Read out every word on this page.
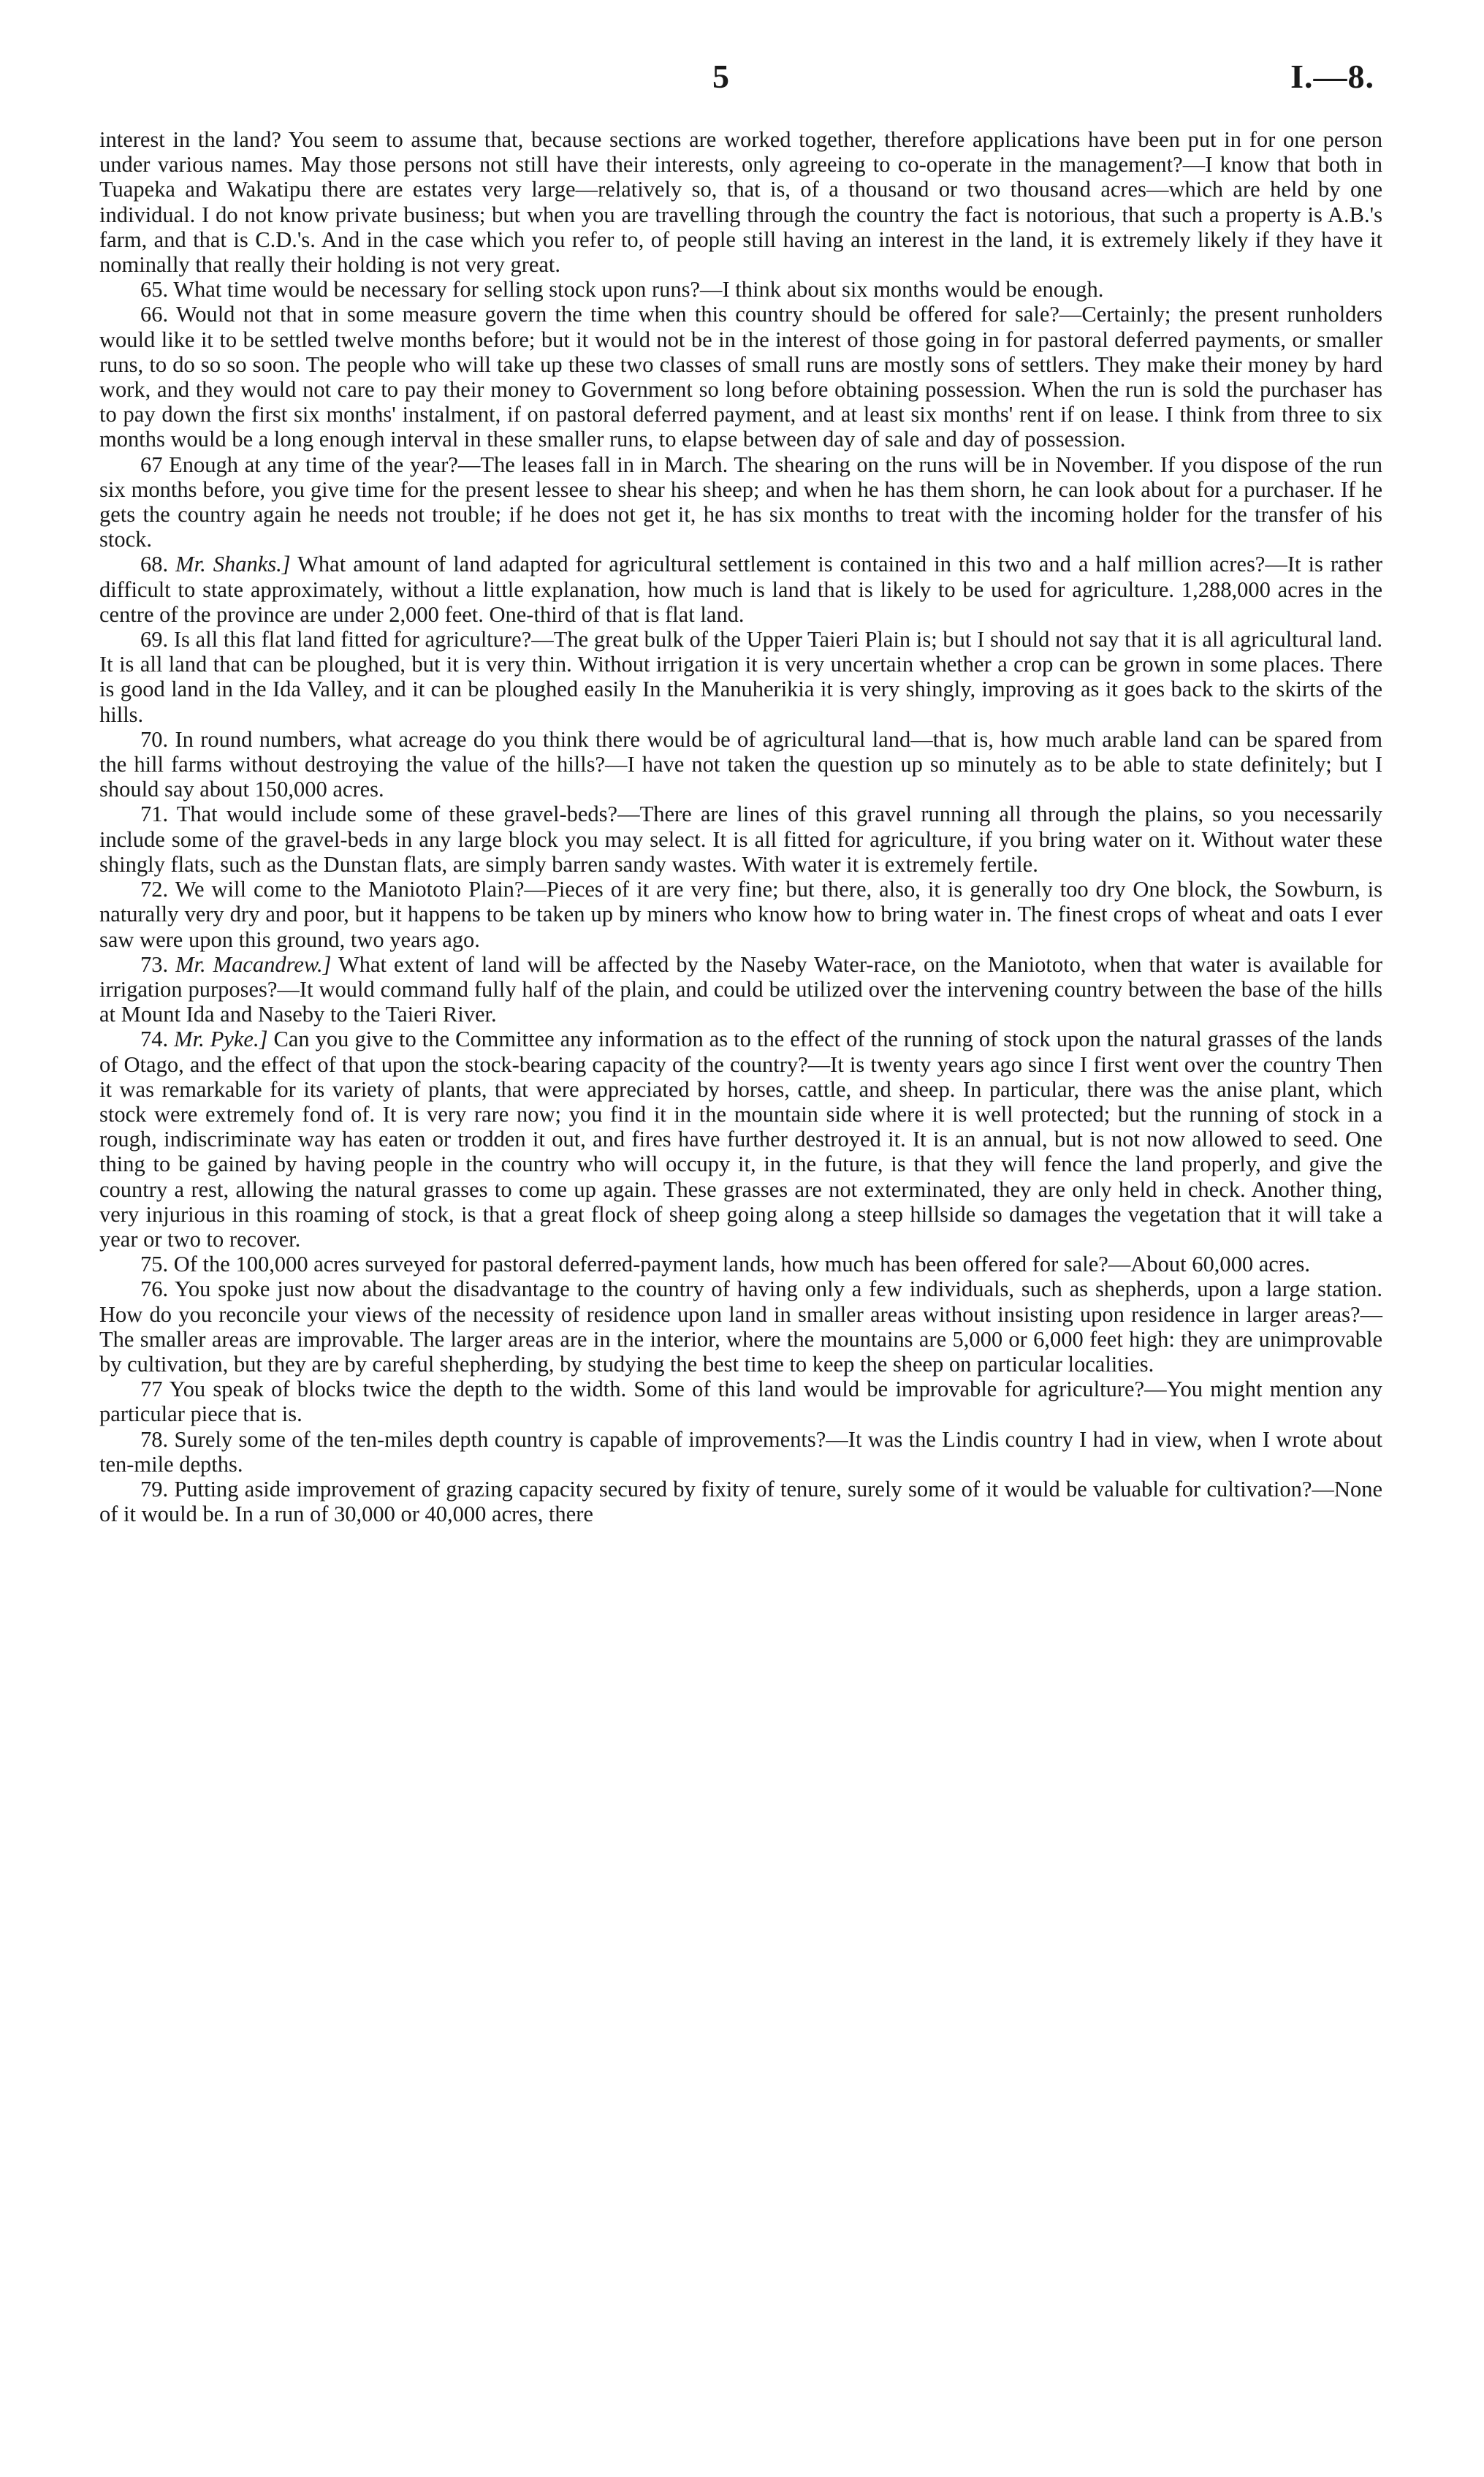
5	I.—8.

interest in the land? You seem to assume that, because sections are worked together, therefore applications have been put in for one person under various names. May those persons not still have their interests, only agreeing to co-operate in the management?—I know that both in Tuapeka and Wakatipu there are estates very large—relatively so, that is, of a thousand or two thousand acres—which are held by one individual. I do not know private business; but when you are travelling through the country the fact is notorious, that such a property is A.B.'s farm, and that is C.D.'s. And in the case which you refer to, of people still having an interest in the land, it is extremely likely if they have it nominally that really their holding is not very great.

65. What time would be necessary for selling stock upon runs?—I think about six months would be enough.

66. Would not that in some measure govern the time when this country should be offered for sale?—Certainly; the present runholders would like it to be settled twelve months before; but it would not be in the interest of those going in for pastoral deferred payments, or smaller runs, to do so so soon. The people who will take up these two classes of small runs are mostly sons of settlers. They make their money by hard work, and they would not care to pay their money to Government so long before obtaining possession. When the run is sold the purchaser has to pay down the first six months' instalment, if on pastoral deferred payment, and at least six months' rent if on lease. I think from three to six months would be a long enough interval in these smaller runs, to elapse between day of sale and day of possession.

67 Enough at any time of the year?—The leases fall in in March. The shearing on the runs will be in November. If you dispose of the run six months before, you give time for the present lessee to shear his sheep; and when he has them shorn, he can look about for a purchaser. If he gets the country again he needs not trouble; if he does not get it, he has six months to treat with the incoming holder for the transfer of his stock.

68. Mr. Shanks.] What amount of land adapted for agricultural settlement is contained in this two and a half million acres?—It is rather difficult to state approximately, without a little explanation, how much is land that is likely to be used for agriculture. 1,288,000 acres in the centre of the province are under 2,000 feet. One-third of that is flat land.

69. Is all this flat land fitted for agriculture?—The great bulk of the Upper Taieri Plain is; but I should not say that it is all agricultural land. It is all land that can be ploughed, but it is very thin. Without irrigation it is very uncertain whether a crop can be grown in some places. There is good land in the Ida Valley, and it can be ploughed easily In the Manuherikia it is very shingly, improving as it goes back to the skirts of the hills.

70. In round numbers, what acreage do you think there would be of agricultural land—that is, how much arable land can be spared from the hill farms without destroying the value of the hills?—I have not taken the question up so minutely as to be able to state definitely; but I should say about 150,000 acres.

71. That would include some of these gravel-beds?—There are lines of this gravel running all through the plains, so you necessarily include some of the gravel-beds in any large block you may select. It is all fitted for agriculture, if you bring water on it. Without water these shingly flats, such as the Dunstan flats, are simply barren sandy wastes. With water it is extremely fertile.

72. We will come to the Maniototo Plain?—Pieces of it are very fine; but there, also, it is generally too dry One block, the Sowburn, is naturally very dry and poor, but it happens to be taken up by miners who know how to bring water in. The finest crops of wheat and oats I ever saw were upon this ground, two years ago.

73. Mr. Macandrew.] What extent of land will be affected by the Naseby Water-race, on the Maniototo, when that water is available for irrigation purposes?—It would command fully half of the plain, and could be utilized over the intervening country between the base of the hills at Mount Ida and Naseby to the Taieri River.

74. Mr. Pyke.] Can you give to the Committee any information as to the effect of the running of stock upon the natural grasses of the lands of Otago, and the effect of that upon the stock-bearing capacity of the country?—It is twenty years ago since I first went over the country Then it was remarkable for its variety of plants, that were appreciated by horses, cattle, and sheep. In particular, there was the anise plant, which stock were extremely fond of. It is very rare now; you find it in the mountain side where it is well protected; but the running of stock in a rough, indiscriminate way has eaten or trodden it out, and fires have further destroyed it. It is an annual, but is not now allowed to seed. One thing to be gained by having people in the country who will occupy it, in the future, is that they will fence the land properly, and give the country a rest, allowing the natural grasses to come up again. These grasses are not exterminated, they are only held in check. Another thing, very injurious in this roaming of stock, is that a great flock of sheep going along a steep hillside so damages the vegetation that it will take a year or two to recover.

75. Of the 100,000 acres surveyed for pastoral deferred-payment lands, how much has been offered for sale?—About 60,000 acres.

76. You spoke just now about the disadvantage to the country of having only a few individuals, such as shepherds, upon a large station. How do you reconcile your views of the necessity of residence upon land in smaller areas without insisting upon residence in larger areas?—The smaller areas are improvable. The larger areas are in the interior, where the mountains are 5,000 or 6,000 feet high: they are unimprovable by cultivation, but they are by careful shepherding, by studying the best time to keep the sheep on particular localities.

77 You speak of blocks twice the depth to the width. Some of this land would be improvable for agriculture?—You might mention any particular piece that is.

78. Surely some of the ten-miles depth country is capable of improvements?—It was the Lindis country I had in view, when I wrote about ten-mile depths.

79. Putting aside improvement of grazing capacity secured by fixity of tenure, surely some of it would be valuable for cultivation?—None of it would be. In a run of 30,000 or 40,000 acres, there
